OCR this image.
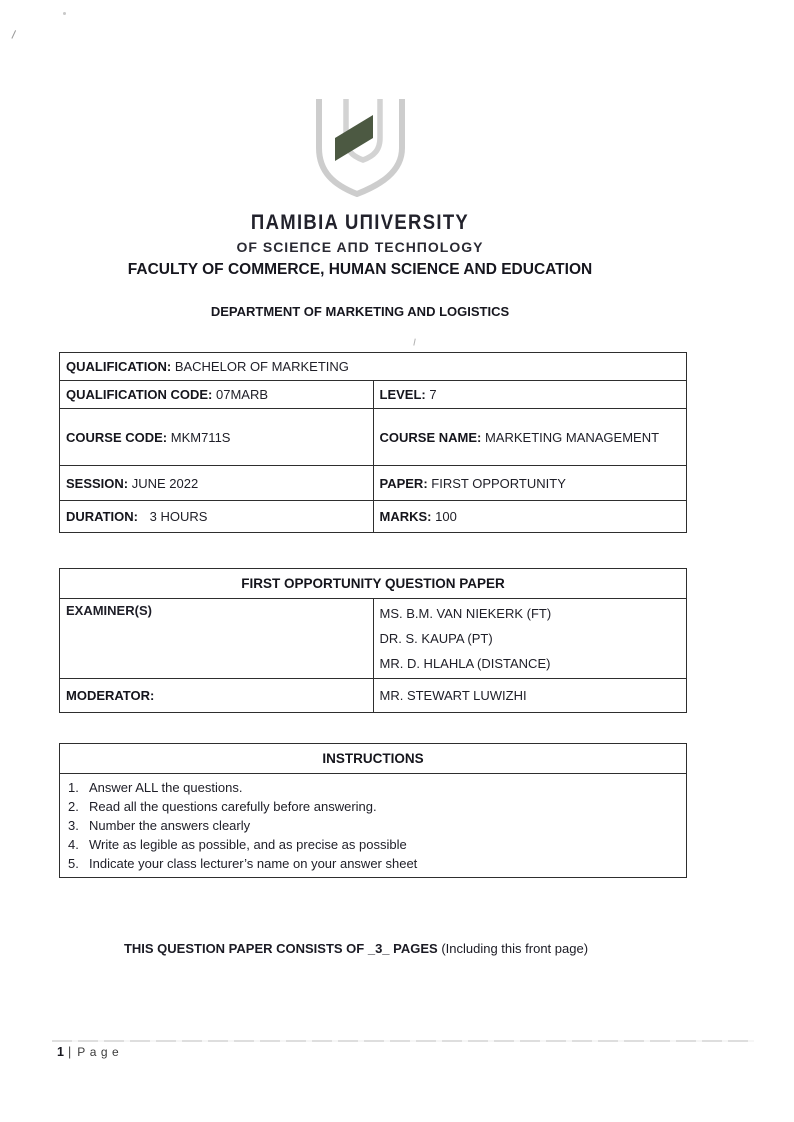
ΠAMIBIA UΠIVERSITY
OF SCIEΠCE AΠD TECHΠOLOGY
FACULTY OF COMMERCE, HUMAN SCIENCE AND EDUCATION
DEPARTMENT OF MARKETING AND LOGISTICS
QUALIFICATION: BACHELOR OF MARKETING	
QUALIFICATION CODE: 07MARB	LEVEL: 7
COURSE CODE: MKM711S	COURSE NAME: MARKETING MANAGEMENT
SESSION: JUNE 2022	PAPER: FIRST OPPORTUNITY
DURATION: 3 HOURS	MARKS: 100
FIRST OPPORTUNITY QUESTION PAPER	
EXAMINER(S)	MS. B.M. VAN NIEKERK (FT)
DR. S. KAUPA (PT)
MR. D. HLAHLA (DISTANCE)

MODERATOR:	MR. STEWART LUWIZHI
INSTRUCTIONS

1. Answer ALL the questions.
2. Read all the questions carefully before answering.
3. Number the answers clearly
4. Write as legible as possible, and as precise as possible
5. Indicate your class lecturer’s name on your answer sheet
THIS QUESTION PAPER CONSISTS OF _3_ PAGES (Including this front page)
1 | Page
